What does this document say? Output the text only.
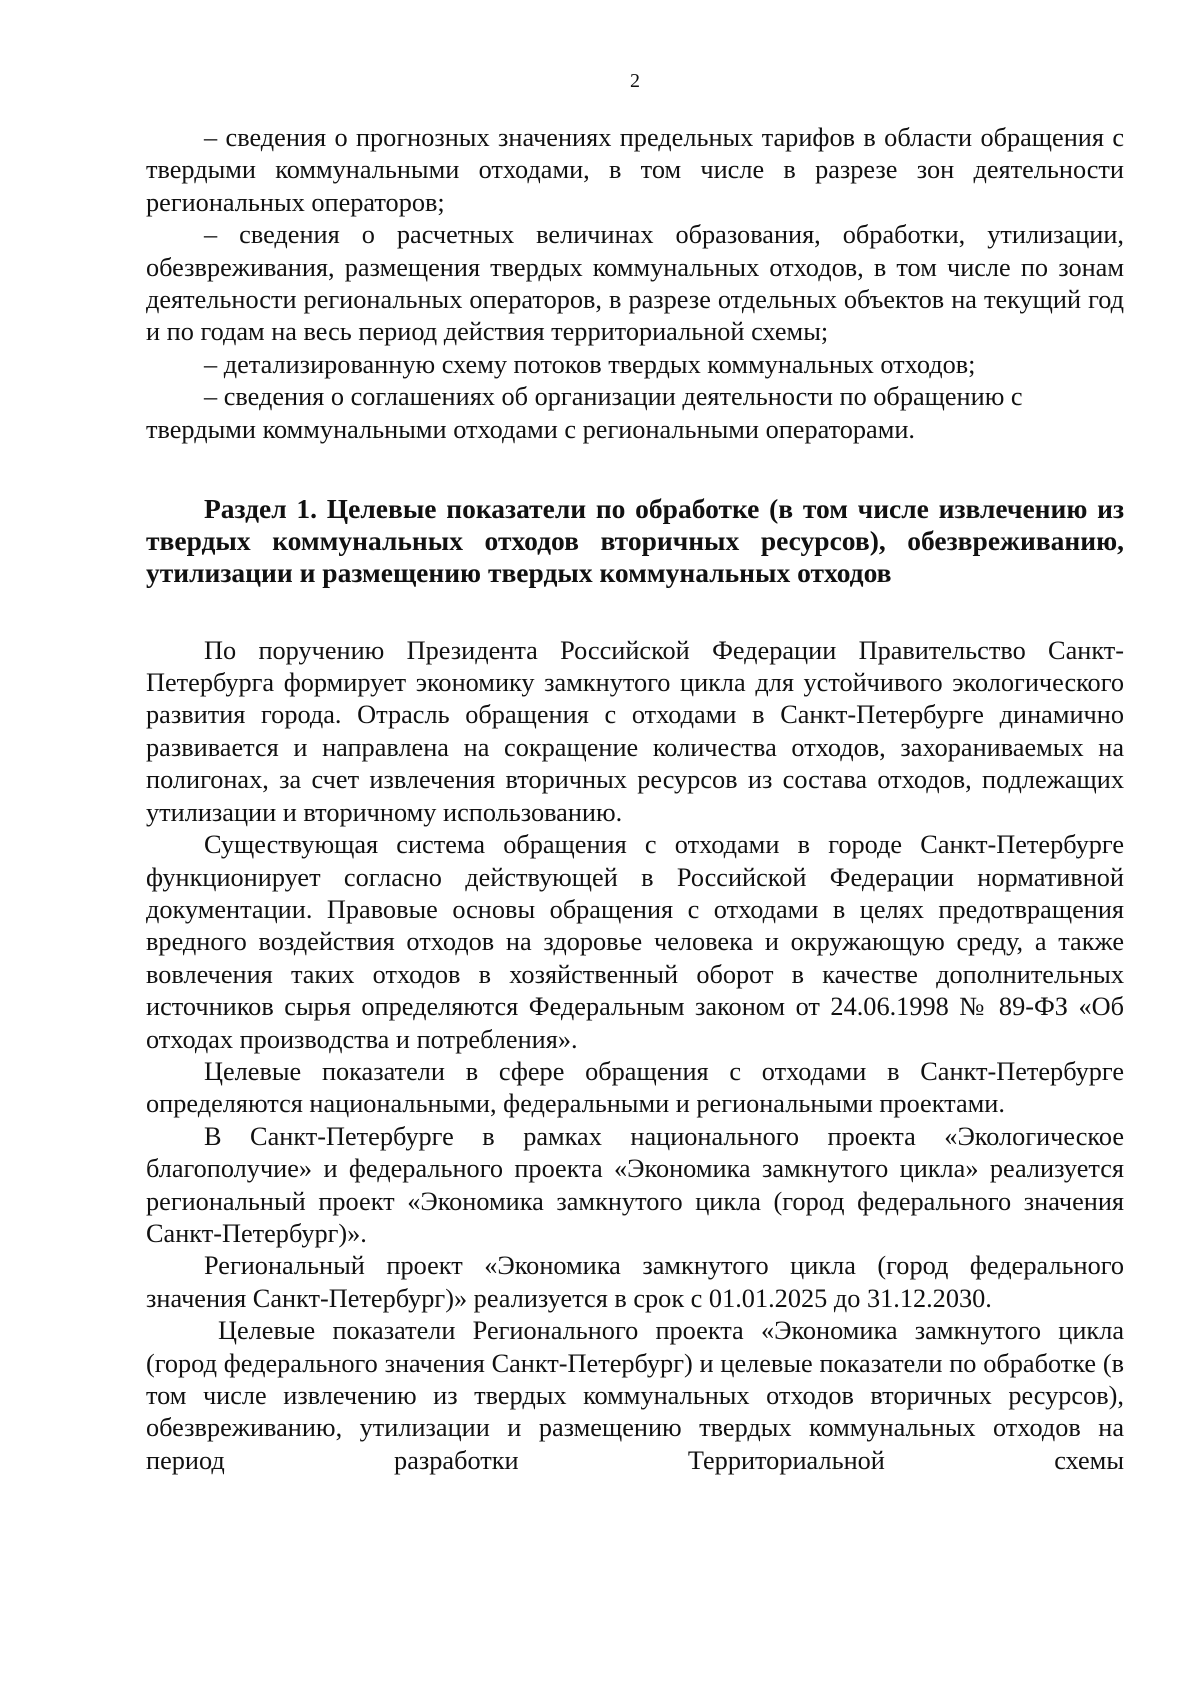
2

– сведения о прогнозных значениях предельных тарифов в области обращения с твердыми коммунальными отходами, в том числе в разрезе зон деятельности региональных операторов;

– сведения о расчетных величинах образования, обработки, утилизации, обезвреживания, размещения твердых коммунальных отходов, в том числе по зонам деятельности региональных операторов, в разрезе отдельных объектов на текущий год и по годам на весь период действия территориальной схемы;

– детализированную схему потоков твердых коммунальных отходов;

– сведения о соглашениях об организации деятельности по обращению с твердыми коммунальными отходами с региональными операторами.

Раздел 1. Целевые показатели по обработке (в том числе извлечению из твердых коммунальных отходов вторичных ресурсов), обезвреживанию, утилизации и размещению твердых коммунальных отходов

По поручению Президента Российской Федерации Правительство Санкт-Петербурга формирует экономику замкнутого цикла для устойчивого экологического развития города. Отрасль обращения с отходами в Санкт-Петербурге динамично развивается и направлена на сокращение количества отходов, захораниваемых на полигонах, за счет извлечения вторичных ресурсов из состава отходов, подлежащих утилизации и вторичному использованию.

Существующая система обращения с отходами в городе Санкт-Петербурге функционирует согласно действующей в Российской Федерации нормативной документации. Правовые основы обращения с отходами в целях предотвращения вредного воздействия отходов на здоровье человека и окружающую среду, а также вовлечения таких отходов в хозяйственный оборот в качестве дополнительных источников сырья определяются Федеральным законом от 24.06.1998 № 89-ФЗ «Об отходах производства и потребления».

Целевые показатели в сфере обращения с отходами в Санкт-Петербурге определяются национальными, федеральными и региональными проектами.

В Санкт-Петербурге в рамках национального проекта «Экологическое благополучие» и федерального проекта «Экономика замкнутого цикла» реализуется региональный проект «Экономика замкнутого цикла (город федерального значения Санкт-Петербург)».

Региональный проект «Экономика замкнутого цикла (город федерального значения Санкт-Петербург)» реализуется в срок с 01.01.2025 до 31.12.2030.

Целевые показатели Регионального проекта «Экономика замкнутого цикла (город федерального значения Санкт-Петербург) и целевые показатели по обработке (в том числе извлечению из твердых коммунальных отходов вторичных ресурсов), обезвреживанию, утилизации и размещению твердых коммунальных отходов на период разработки Территориальной схемы
